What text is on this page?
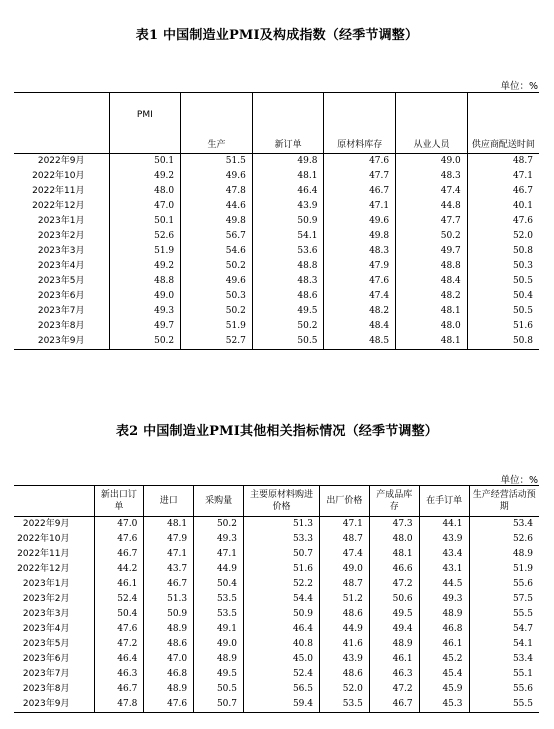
表1 中国制造业PMI及构成指数（经季节调整）
单位：%
	PMI	生产	新订单	原材料库存	从业人员	供应商配送时间
2022年9月	50.1	51.5	49.8	47.6	49.0	48.7
2022年10月	49.2	49.6	48.1	47.7	48.3	47.1
2022年11月	48.0	47.8	46.4	46.7	47.4	46.7
2022年12月	47.0	44.6	43.9	47.1	44.8	40.1
2023年1月	50.1	49.8	50.9	49.6	47.7	47.6
2023年2月	52.6	56.7	54.1	49.8	50.2	52.0
2023年3月	51.9	54.6	53.6	48.3	49.7	50.8
2023年4月	49.2	50.2	48.8	47.9	48.8	50.3
2023年5月	48.8	49.6	48.3	47.6	48.4	50.5
2023年6月	49.0	50.3	48.6	47.4	48.2	50.4
2023年7月	49.3	50.2	49.5	48.2	48.1	50.5
2023年8月	49.7	51.9	50.2	48.4	48.0	51.6
2023年9月	50.2	52.7	50.5	48.5	48.1	50.8
表2 中国制造业PMI其他相关指标情况（经季节调整）
单位：%
	新出口订单	进口	采购量	主要原材料购进价格	出厂价格	产成品库存	在手订单	生产经营活动预期
2022年9月	47.0	48.1	50.2	51.3	47.1	47.3	44.1	53.4
2022年10月	47.6	47.9	49.3	53.3	48.7	48.0	43.9	52.6
2022年11月	46.7	47.1	47.1	50.7	47.4	48.1	43.4	48.9
2022年12月	44.2	43.7	44.9	51.6	49.0	46.6	43.1	51.9
2023年1月	46.1	46.7	50.4	52.2	48.7	47.2	44.5	55.6
2023年2月	52.4	51.3	53.5	54.4	51.2	50.6	49.3	57.5
2023年3月	50.4	50.9	53.5	50.9	48.6	49.5	48.9	55.5
2023年4月	47.6	48.9	49.1	46.4	44.9	49.4	46.8	54.7
2023年5月	47.2	48.6	49.0	40.8	41.6	48.9	46.1	54.1
2023年6月	46.4	47.0	48.9	45.0	43.9	46.1	45.2	53.4
2023年7月	46.3	46.8	49.5	52.4	48.6	46.3	45.4	55.1
2023年8月	46.7	48.9	50.5	56.5	52.0	47.2	45.9	55.6
2023年9月	47.8	47.6	50.7	59.4	53.5	46.7	45.3	55.5
